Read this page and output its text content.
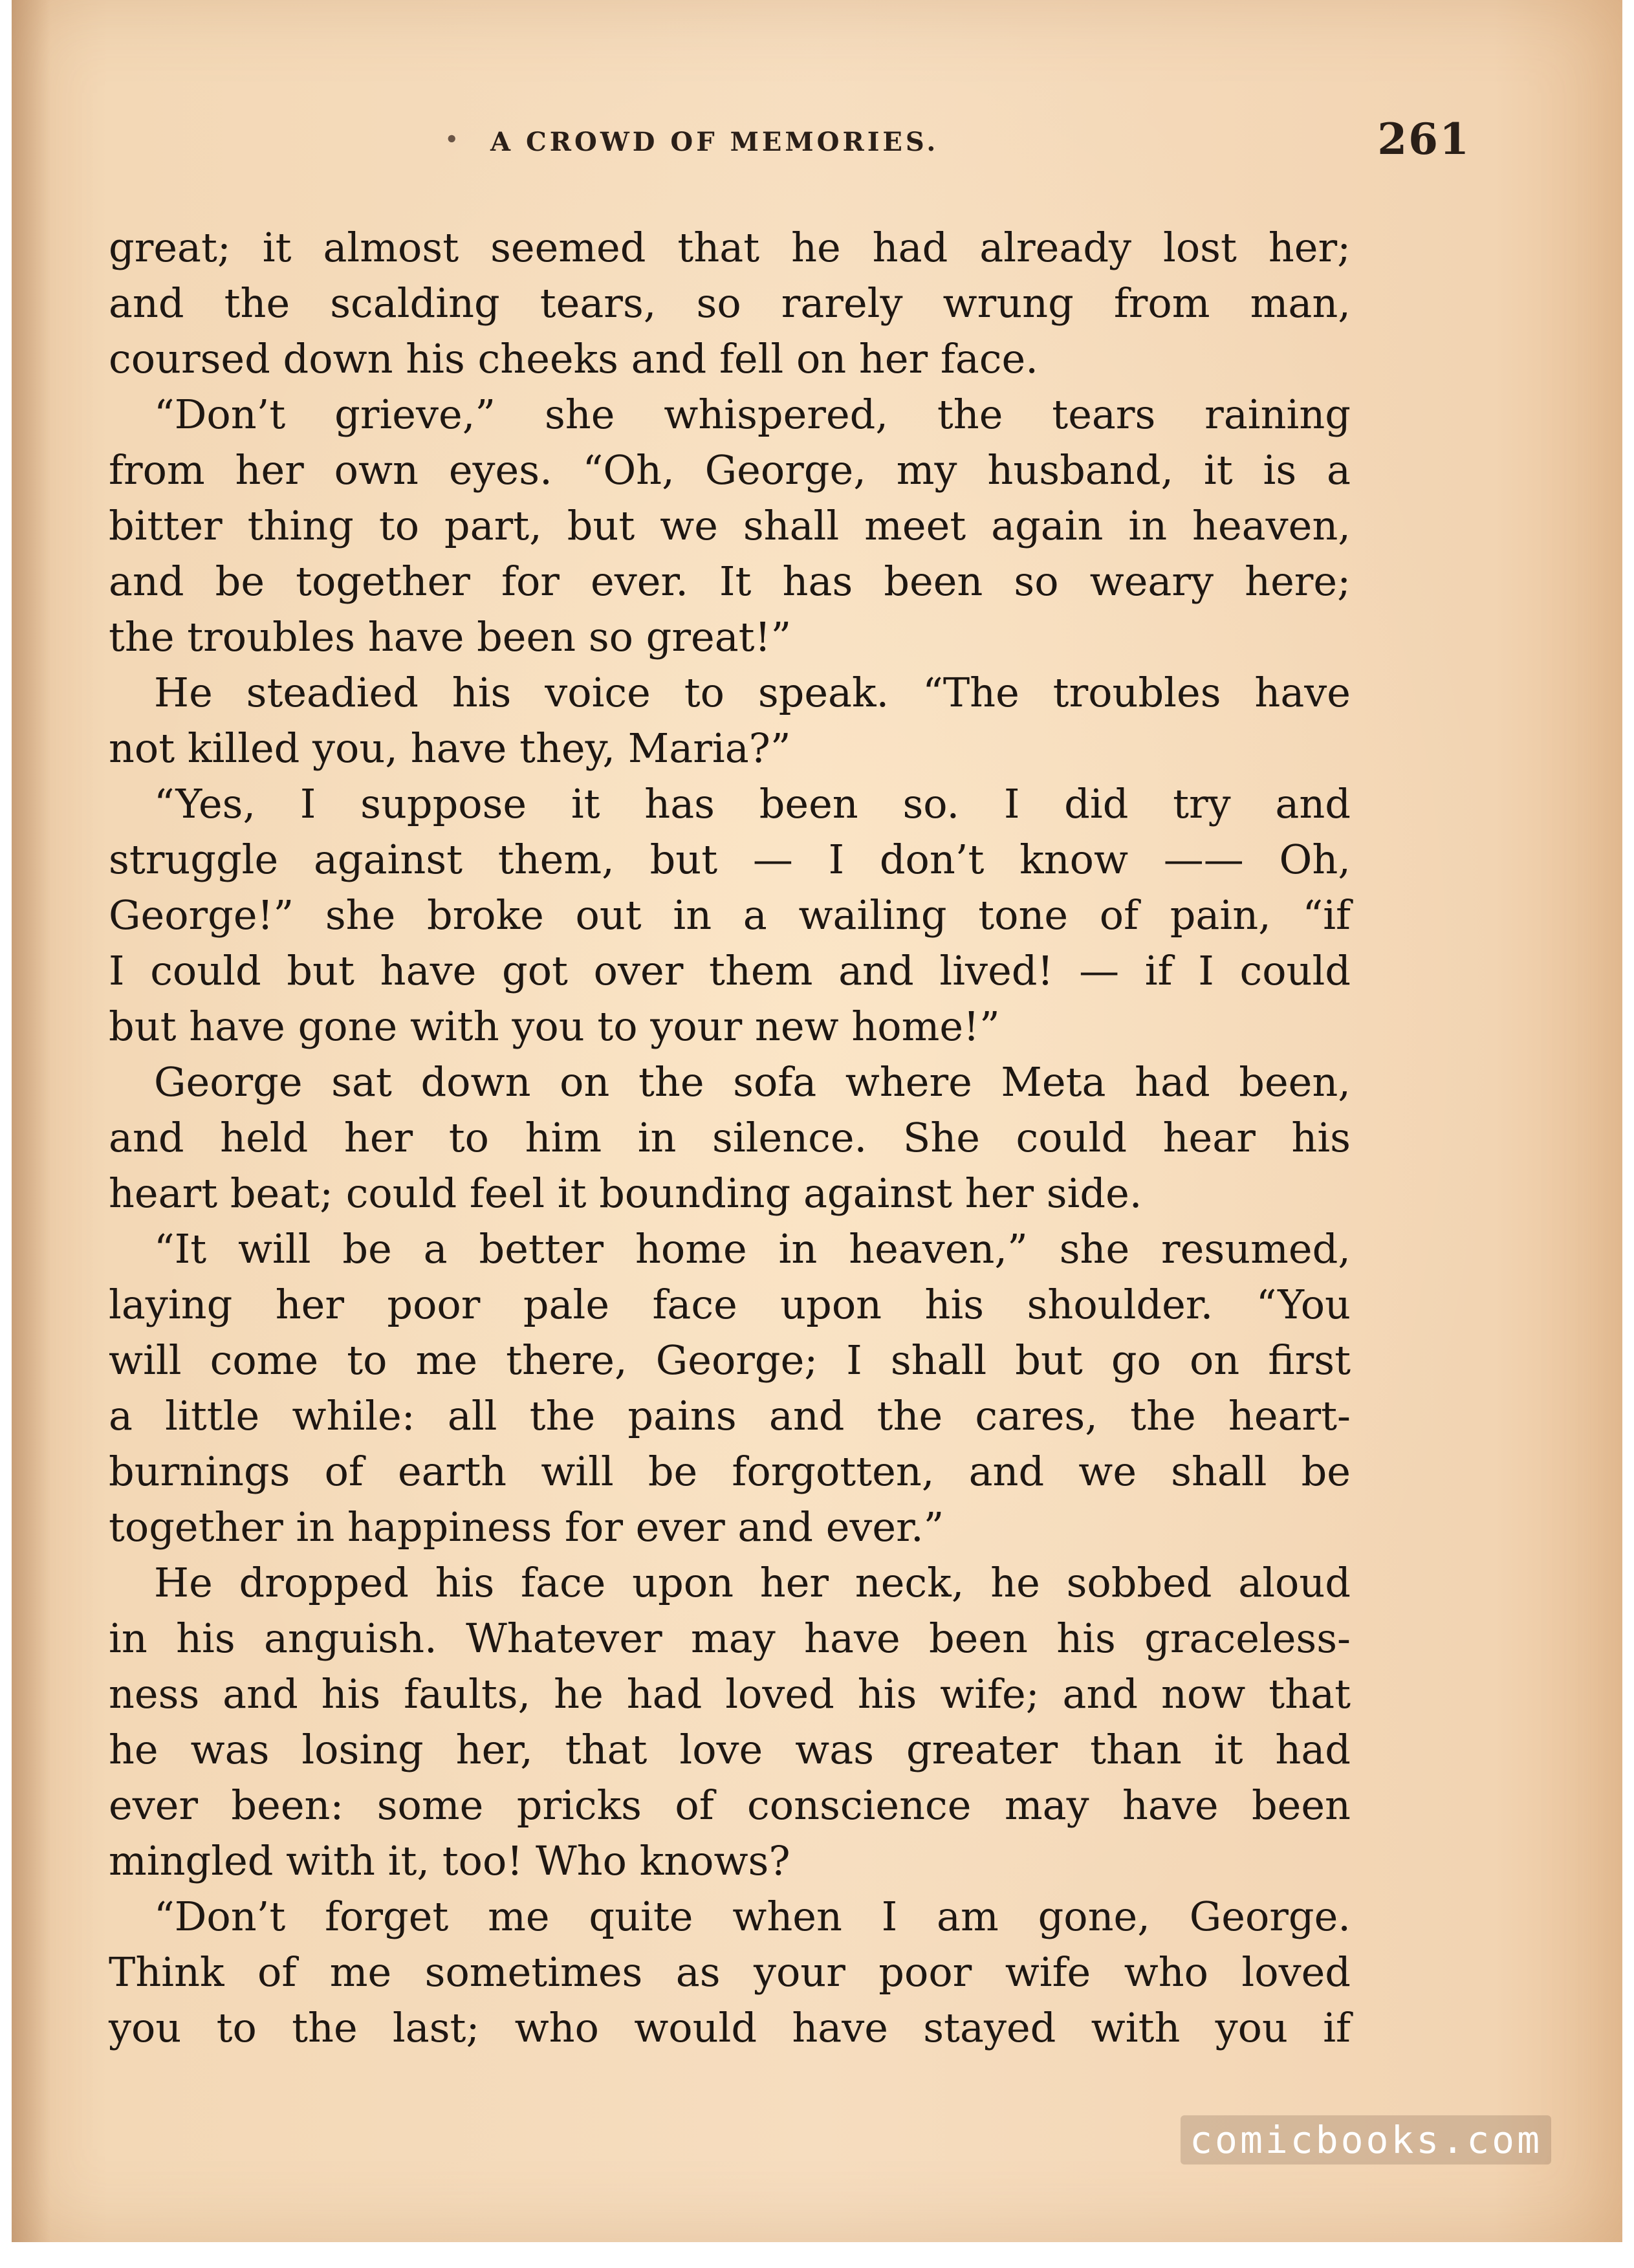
• A CROWD OF MEMORIES.	261
great; it almost seemed that he had already lost her;
and the scalding tears, so rarely wrung from man,
coursed down his cheeks and fell on her face.
“Don’t grieve,” she whispered, the tears raining
from her own eyes. “Oh, George, my husband, it is a
bitter thing to part, but we shall meet again in heaven,
and be together for ever. It has been so weary here;
the troubles have been so great!”
He steadied his voice to speak. “The troubles have
not killed you, have they, Maria?”
“Yes, I suppose it has been so. I did try and
struggle against them, but — I don’t know —— Oh,
George!” she broke out in a wailing tone of pain, “if
I could but have got over them and lived! — if I could
but have gone with you to your new home!”
George sat down on the sofa where Meta had been,
and held her to him in silence. She could hear his
heart beat; could feel it bounding against her side.
“It will be a better home in heaven,” she resumed,
laying her poor pale face upon his shoulder. “You
will come to me there, George; I shall but go on first
a little while: all the pains and the cares, the heart-
burnings of earth will be forgotten, and we shall be
together in happiness for ever and ever.”
He dropped his face upon her neck, he sobbed aloud
in his anguish. Whatever may have been his graceless-
ness and his faults, he had loved his wife; and now that
he was losing her, that love was greater than it had
ever been: some pricks of conscience may have been
mingled with it, too! Who knows?
“Don’t forget me quite when I am gone, George.
Think of me sometimes as your poor wife who loved
you to the last; who would have stayed with you if
comicbooks.com
